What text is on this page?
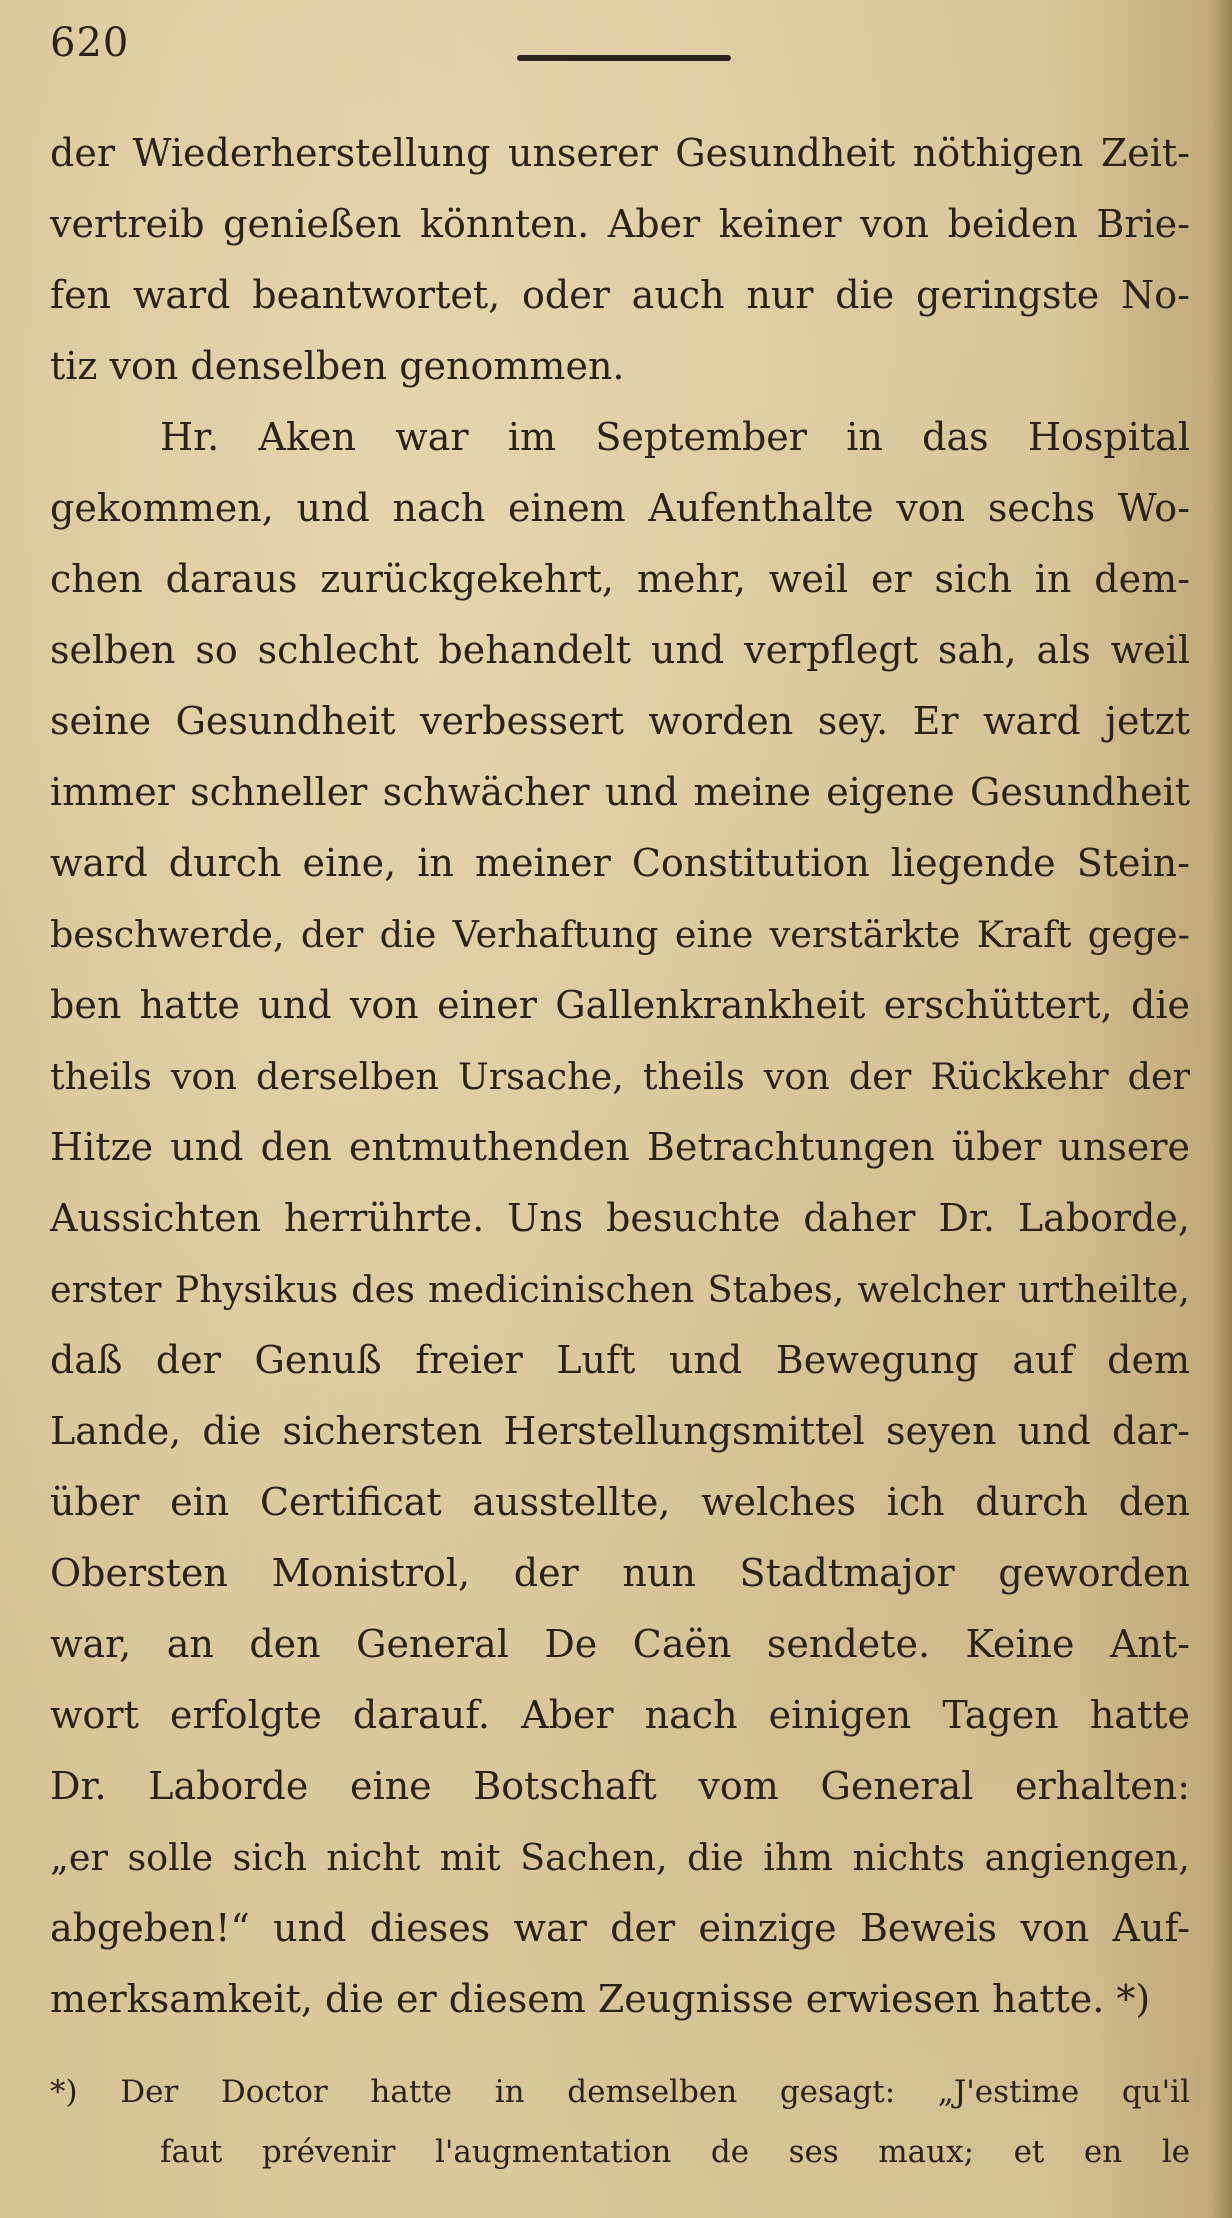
620
der Wiederherstellung unserer Gesundheit nöthigen Zeit-
vertreib genießen könnten. Aber keiner von beiden Brie-
fen ward beantwortet, oder auch nur die geringste No-
tiz von denselben genommen.
Hr. Aken war im September in das Hospital
gekommen, und nach einem Aufenthalte von sechs Wo-
chen daraus zurückgekehrt, mehr, weil er sich in dem-
selben so schlecht behandelt und verpflegt sah, als weil
seine Gesundheit verbessert worden sey. Er ward jetzt
immer schneller schwächer und meine eigene Gesundheit
ward durch eine, in meiner Constitution liegende Stein-
beschwerde, der die Verhaftung eine verstärkte Kraft gege-
ben hatte und von einer Gallenkrankheit erschüttert, die
theils von derselben Ursache, theils von der Rückkehr der
Hitze und den entmuthenden Betrachtungen über unsere
Aussichten herrührte. Uns besuchte daher Dr. Laborde,
erster Physikus des medicinischen Stabes, welcher urtheilte,
daß der Genuß freier Luft und Bewegung auf dem
Lande, die sichersten Herstellungsmittel seyen und dar-
über ein Certificat ausstellte, welches ich durch den
Obersten Monistrol, der nun Stadtmajor geworden
war, an den General De Caën sendete. Keine Ant-
wort erfolgte darauf. Aber nach einigen Tagen hatte
Dr. Laborde eine Botschaft vom General erhalten:
„er solle sich nicht mit Sachen, die ihm nichts angiengen,
abgeben!“ und dieses war der einzige Beweis von Auf-
merksamkeit, die er diesem Zeugnisse erwiesen hatte. *)
*) Der Doctor hatte in demselben gesagt: „J'estime qu'il
faut prévenir l'augmentation de ses maux; et en le
